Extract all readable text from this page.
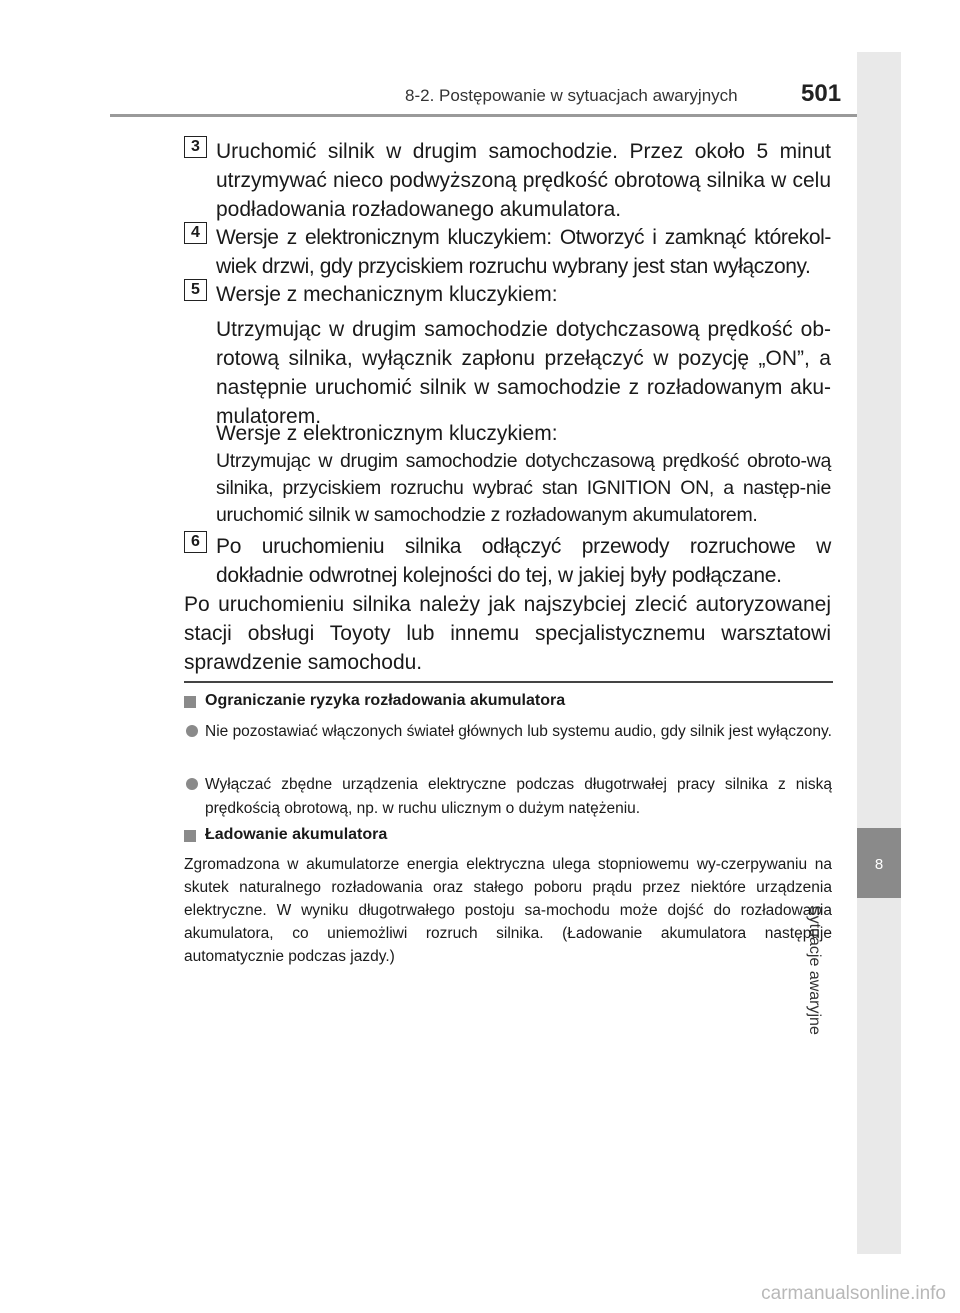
8
Sytuacje awaryjne
8-2. Postępowanie w sytuacjach awaryjnych	501
3 Uruchomić silnik w drugim samochodzie. Przez około 5 minut utrzymywać nieco podwyższoną prędkość obrotową silnika w celu podładowania rozładowanego akumulatora.
4 Wersje z elektronicznym kluczykiem: Otworzyć i zamknąć którekol-wiek drzwi, gdy przyciskiem rozruchu wybrany jest stan wyłączony.
5 Wersje z mechanicznym kluczykiem:
Utrzymując w drugim samochodzie dotychczasową prędkość ob-rotową silnika, wyłącznik zapłonu przełączyć w pozycję „ON”, a następnie uruchomić silnik w samochodzie z rozładowanym aku-mulatorem.
Wersje z elektronicznym kluczykiem:
Utrzymując w drugim samochodzie dotychczasową prędkość obroto-wą silnika, przyciskiem rozruchu wybrać stan IGNITION ON, a następ-nie uruchomić silnik w samochodzie z rozładowanym akumulatorem.
6 Po uruchomieniu silnika odłączyć przewody rozruchowe w dokładnie odwrotnej kolejności do tej, w jakiej były podłączane.
Po uruchomieniu silnika należy jak najszybciej zlecić autoryzowanej stacji obsługi Toyoty lub innemu specjalistycznemu warsztatowi sprawdzenie samochodu.
Ograniczanie ryzyka rozładowania akumulatora
Nie pozostawiać włączonych świateł głównych lub systemu audio, gdy silnik jest wyłączony.
Wyłączać zbędne urządzenia elektryczne podczas długotrwałej pracy silnika z niską prędkością obrotową, np. w ruchu ulicznym o dużym natężeniu.
Ładowanie akumulatora
Zgromadzona w akumulatorze energia elektryczna ulega stopniowemu wy-czerpywaniu na skutek naturalnego rozładowania oraz stałego poboru prądu przez niektóre urządzenia elektryczne. W wyniku długotrwałego postoju sa-mochodu może dojść do rozładowania akumulatora, co uniemożliwi rozruch silnika. (Ładowanie akumulatora następuje automatycznie podczas jazdy.)
carmanualsonline.info
